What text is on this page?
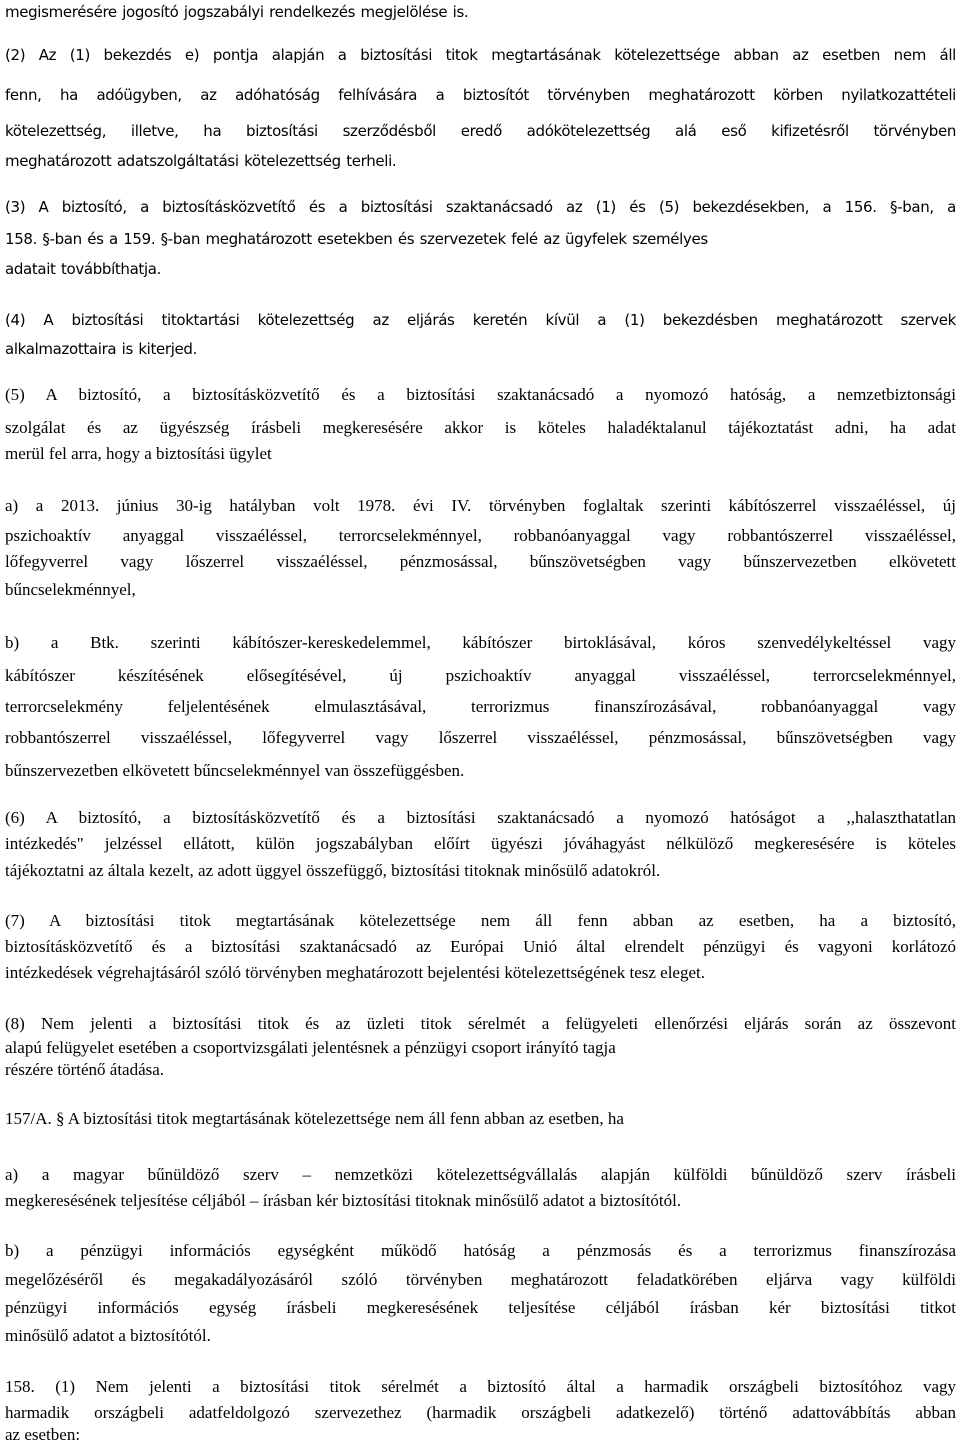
megismerésére jogosító jogszabályi rendelkezés megjelölése is.
(2) Az (1) bekezdés e) pontja alapján a biztosítási titok megtartásának kötelezettsége abban az esetben nem áll
fenn, ha adóügyben, az adóhatóság felhívására a biztosítót törvényben meghatározott körben nyilatkozattételi
kötelezettség, illetve, ha biztosítási szerződésből eredő adókötelezettség alá eső kifizetésről törvényben
meghatározott adatszolgáltatási kötelezettség terheli.
(3) A biztosító, a biztosításközvetítő és a biztosítási szaktanácsadó az (1) és (5) bekezdésekben, a 156. §-ban, a
158. §-ban és a 159. §-ban meghatározott esetekben és szervezetek felé az ügyfelek személyes
adatait továbbíthatja.
(4) A biztosítási titoktartási kötelezettség az eljárás keretén kívül a (1) bekezdésben meghatározott szervek
alkalmazottaira is kiterjed.
(5) A biztosító, a biztosításközvetítő és a biztosítási szaktanácsadó a nyomozó hatóság, a nemzetbiztonsági
szolgálat és az ügyészség írásbeli megkeresésére akkor is köteles haladéktalanul tájékoztatást adni, ha adat
merül fel arra, hogy a biztosítási ügylet
a) a 2013. június 30-ig hatályban volt 1978. évi IV. törvényben foglaltak szerinti kábítószerrel visszaéléssel, új
pszichoaktív anyaggal visszaéléssel, terrorcselekménnyel, robbanóanyaggal vagy robbantószerrel visszaéléssel,
lőfegyverrel vagy lőszerrel visszaéléssel, pénzmosással, bűnszövetségben vagy bűnszervezetben elkövetett
bűncselekménnyel,
b) a Btk. szerinti kábítószer-kereskedelemmel, kábítószer birtoklásával, kóros szenvedélykeltéssel vagy
kábítószer készítésének elősegítésével, új pszichoaktív anyaggal visszaéléssel, terrorcselekménnyel,
terrorcselekmény feljelentésének elmulasztásával, terrorizmus finanszírozásával, robbanóanyaggal vagy
robbantószerrel visszaéléssel, lőfegyverrel vagy lőszerrel visszaéléssel, pénzmosással, bűnszövetségben vagy
bűnszervezetben elkövetett bűncselekménnyel van összefüggésben.
(6) A biztosító, a biztosításközvetítő és a biztosítási szaktanácsadó a nyomozó hatóságot a ,,halaszthatatlan
intézkedés" jelzéssel ellátott, külön jogszabályban előírt ügyészi jóváhagyást nélkülöző megkeresésére is köteles
tájékoztatni az általa kezelt, az adott üggyel összefüggő, biztosítási titoknak minősülő adatokról.
(7) A biztosítási titok megtartásának kötelezettsége nem áll fenn abban az esetben, ha a biztosító,
biztosításközvetítő és a biztosítási szaktanácsadó az Európai Unió által elrendelt pénzügyi és vagyoni korlátozó
intézkedések végrehajtásáról szóló törvényben meghatározott bejelentési kötelezettségének tesz eleget.
(8) Nem jelenti a biztosítási titok és az üzleti titok sérelmét a felügyeleti ellenőrzési eljárás során az összevont
alapú felügyelet esetében a csoportvizsgálati jelentésnek a pénzügyi csoport irányító tagja
részére történő átadása.
157/A. § A biztosítási titok megtartásának kötelezettsége nem áll fenn abban az esetben, ha
a) a magyar bűnüldöző szerv – nemzetközi kötelezettségvállalás alapján külföldi bűnüldöző szerv írásbeli
megkeresésének teljesítése céljából – írásban kér biztosítási titoknak minősülő adatot a biztosítótól.
b) a pénzügyi információs egységként működő hatóság a pénzmosás és a terrorizmus finanszírozása
megelőzéséről és megakadályozásáról szóló törvényben meghatározott feladatkörében eljárva vagy külföldi
pénzügyi információs egység írásbeli megkeresésének teljesítése céljából írásban kér biztosítási titkot
minősülő adatot a biztosítótól.
158. (1) Nem jelenti a biztosítási titok sérelmét a biztosító által a harmadik országbeli biztosítóhoz vagy
harmadik országbeli adatfeldolgozó szervezethez (harmadik országbeli adatkezelő) történő adattovábbítás abban
az esetben:
